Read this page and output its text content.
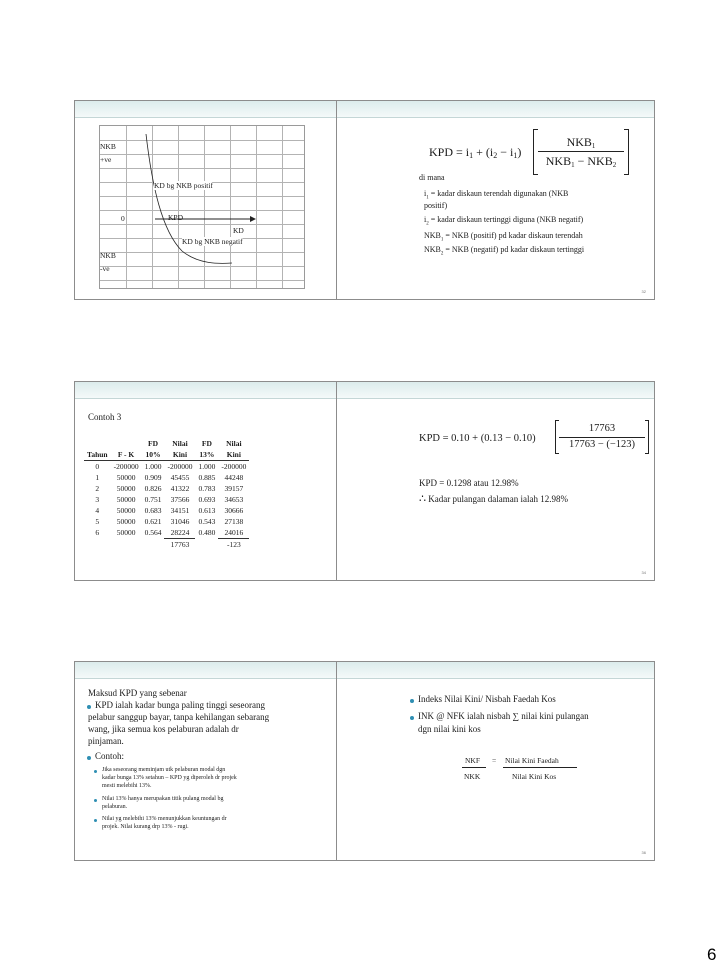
NKB
+ve
KD bg NKB positif
0	KPD
KD
KD bg NKB negatif
NKB
-ve
KPD = i1 + (i2 − i1)
NKB1
NKB1 − NKB2
di mana
$i_1$ = kadar diskaun terendah digunakan (NKB
positif)
$i_2$ = kadar diskaun tertinggi diguna (NKB negatif)
$NKB_1$ = NKB (positif) pd kadar diskaun terendah
$NKB_2$ = NKB (negatif) pd kadar diskaun tertinggi
32
Contoh 3
		FD	Nilai	FD	Nilai
Tahun	F - K	10%	Kini	13%	Kini
0	-200000	1.000	-200000	1.000	-200000
1	50000	0.909	45455	0.885	44248
2	50000	0.826	41322	0.783	39157
3	50000	0.751	37566	0.693	34653
4	50000	0.683	34151	0.613	30666
5	50000	0.621	31046	0.543	27138
6	50000	0.564	28224	0.480	24016
			17763		-123
KPD = 0.10 + (0.13 − 0.10)
17763
17763 − (−123)
KPD = 0.1298 atau 12.98%
∴ Kadar pulangan dalaman ialah 12.98%
34
Maksud KPD yang sebenar
KPD ialah kadar bunga paling tinggi seseorang
pelabur sanggup bayar, tanpa kehilangan sebarang
wang, jika semua kos pelaburan adalah dr
pinjaman.
Contoh:
Jika seseorang meminjam utk pelaburan modal dgn
kadar bunga 13% setahun – KPD yg diperoleh dr projek
mesti melebihi 13%.
Nilai 13% hanya merupakan titik pulang modal bg
pelaburan.
Nilai yg melebihi 13% menunjukkan keuntungan dr
projek. Nilai kurang drp 13% - rugi.
Indeks Nilai Kini/ Nisbah Faedah Kos
INK @ NFK ialah nisbah ∑ nilai kini pulangan
dgn nilai kini kos
NKF = Nilai Kini Faedah
NKK	Nilai Kini Kos
36
6
